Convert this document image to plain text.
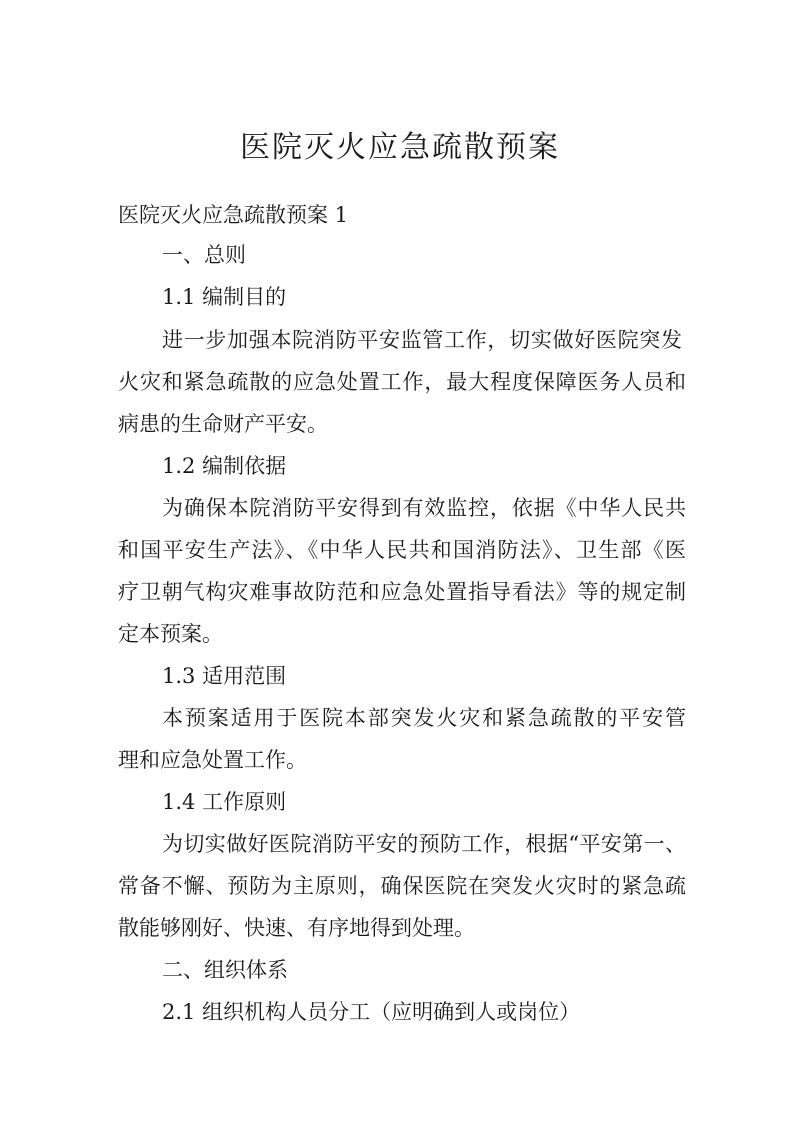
医院灭火应急疏散预案

医院灭火应急疏散预案 1

一、总则

1.1 编制目的

进一步加强本院消防平安监管工作，切实做好医院突发

火灾和紧急疏散的应急处置工作，最大程度保障医务人员和

病患的生命财产平安。

1.2 编制依据

为确保本院消防平安得到有效监控，依据《中华人民共

和国平安生产法》、《中华人民共和国消防法》、卫生部《医

疗卫朝气构灾难事故防范和应急处置指导看法》等的规定制

定本预案。

1.3 适用范围

本预案适用于医院本部突发火灾和紧急疏散的平安管

理和应急处置工作。

1.4 工作原则

为切实做好医院消防平安的预防工作，根据“平安第一、

常备不懈、预防为主原则，确保医院在突发火灾时的紧急疏

散能够刚好、快速、有序地得到处理。

二、组织体系

2.1 组织机构人员分工（应明确到人或岗位）
